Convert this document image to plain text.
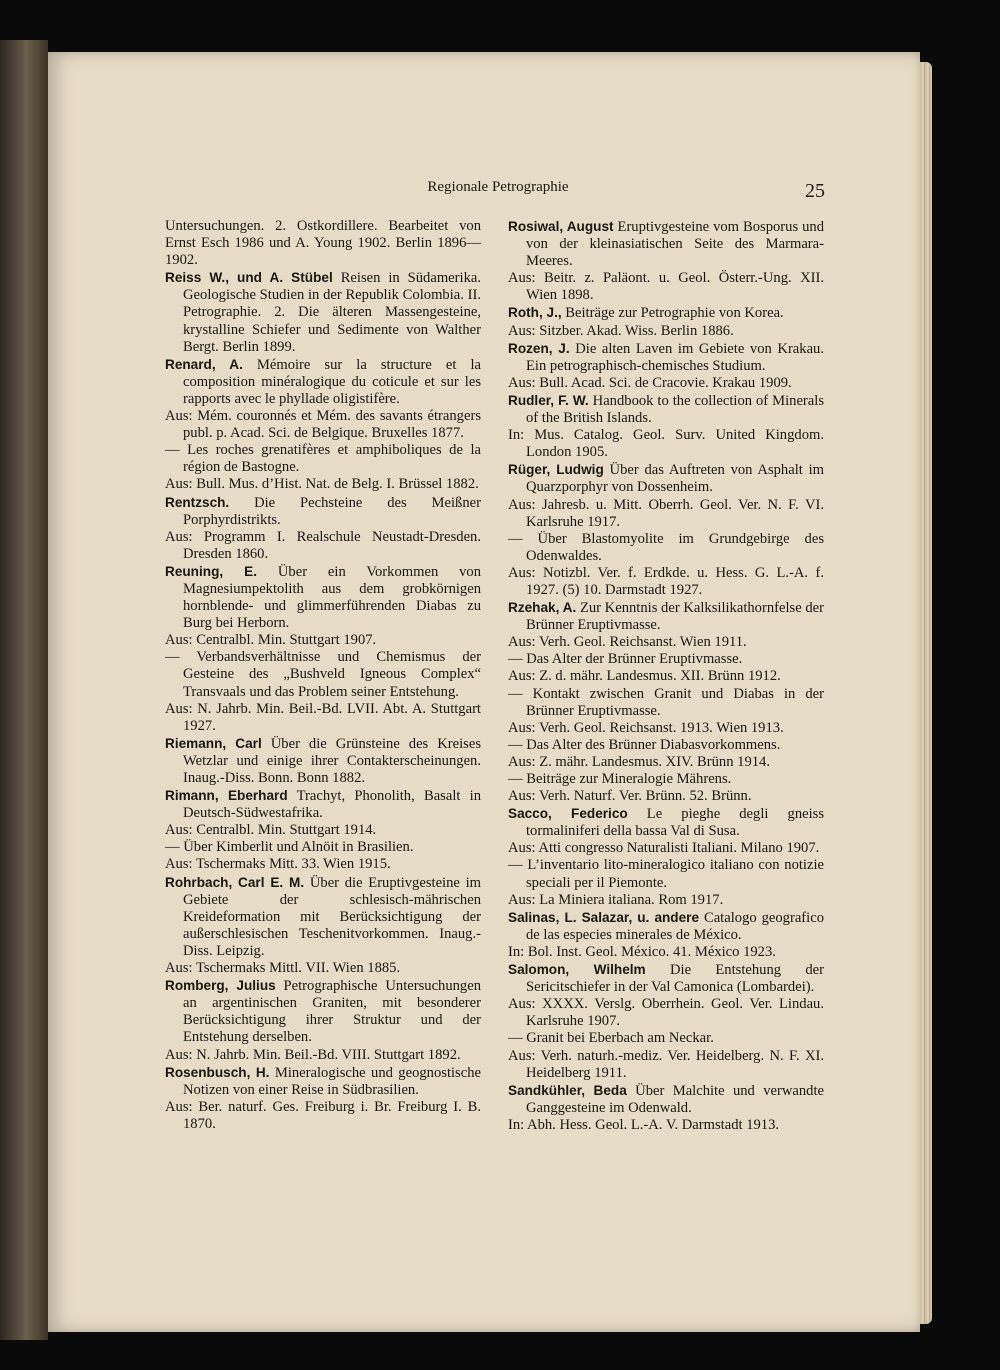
Regionale Petrographie	25

Untersuchungen. 2. Ostkordillere. Bearbeitet von Ernst Esch 1986 und A. Young 1902. Berlin 1896—1902.

Reiss W., und A. Stübel Reisen in Südamerika. Geologische Studien in der Republik Colombia. II. Petrographie. 2. Die älteren Massengesteine, krystalline Schiefer und Sedimente von Walther Bergt. Berlin 1899.

Renard, A. Mémoire sur la structure et la composition minéralogique du coticule et sur les rapports avec le phyllade oligistifère.
Aus: Mém. couronnés et Mém. des savants étrangers publ. p. Acad. Sci. de Belgique. Bruxelles 1877.

— Les roches grenatifères et amphiboliques de la région de Bastogne.
Aus: Bull. Mus. d’Hist. Nat. de Belg. I. Brüssel 1882.

Rentzsch. Die Pechsteine des Meißner Porphyrdistrikts.
Aus: Programm I. Realschule Neustadt-Dresden. Dresden 1860.

Reuning, E. Über ein Vorkommen von Magnesiumpektolith aus dem grobkörnigen hornblende- und glimmerführenden Diabas zu Burg bei Herborn.
Aus: Centralbl. Min. Stuttgart 1907.

— Verbandsverhältnisse und Chemismus der Gesteine des „Bushveld Igneous Complex“ Transvaals und das Problem seiner Entstehung.
Aus: N. Jahrb. Min. Beil.-Bd. LVII. Abt. A. Stuttgart 1927.

Riemann, Carl Über die Grünsteine des Kreises Wetzlar und einige ihrer Contakterscheinungen. Inaug.-Diss. Bonn. Bonn 1882.

Rimann, Eberhard Trachyt, Phonolith, Basalt in Deutsch-Südwestafrika.
Aus: Centralbl. Min. Stuttgart 1914.

— Über Kimberlit und Alnöit in Brasilien.
Aus: Tschermaks Mitt. 33. Wien 1915.

Rohrbach, Carl E. M. Über die Eruptivgesteine im Gebiete der schlesisch-mährischen Kreideformation mit Berücksichtigung der außerschlesischen Teschenitvorkommen. Inaug.-Diss. Leipzig.
Aus: Tschermaks Mittl. VII. Wien 1885.

Romberg, Julius Petrographische Untersuchungen an argentinischen Graniten, mit besonderer Berücksichtigung ihrer Struktur und der Entstehung derselben.
Aus: N. Jahrb. Min. Beil.-Bd. VIII. Stuttgart 1892.

Rosenbusch, H. Mineralogische und geognostische Notizen von einer Reise in Südbrasilien.
Aus: Ber. naturf. Ges. Freiburg i. Br. Freiburg I. B. 1870.

Rosiwal, August Eruptivgesteine vom Bosporus und von der kleinasiatischen Seite des Marmara-Meeres.
Aus: Beitr. z. Paläont. u. Geol. Österr.-Ung. XII. Wien 1898.

Roth, J., Beiträge zur Petrographie von Korea.
Aus: Sitzber. Akad. Wiss. Berlin 1886.

Rozen, J. Die alten Laven im Gebiete von Krakau. Ein petrographisch-chemisches Studium.
Aus: Bull. Acad. Sci. de Cracovie. Krakau 1909.

Rudler, F. W. Handbook to the collection of Minerals of the British Islands.
In: Mus. Catalog. Geol. Surv. United Kingdom. London 1905.

Rüger, Ludwig Über das Auftreten von Asphalt im Quarzporphyr von Dossenheim.
Aus: Jahresb. u. Mitt. Oberrh. Geol. Ver. N. F. VI. Karlsruhe 1917.

— Über Blastomyolite im Grundgebirge des Odenwaldes.
Aus: Notizbl. Ver. f. Erdkde. u. Hess. G. L.-A. f. 1927. (5) 10. Darmstadt 1927.

Rzehak, A. Zur Kenntnis der Kalksilikathornfelse der Brünner Eruptivmasse.
Aus: Verh. Geol. Reichsanst. Wien 1911.

— Das Alter der Brünner Eruptivmasse.
Aus: Z. d. mähr. Landesmus. XII. Brünn 1912.

— Kontakt zwischen Granit und Diabas in der Brünner Eruptivmasse.
Aus: Verh. Geol. Reichsanst. 1913. Wien 1913.

— Das Alter des Brünner Diabasvorkommens.
Aus: Z. mähr. Landesmus. XIV. Brünn 1914.

— Beiträge zur Mineralogie Mährens.
Aus: Verh. Naturf. Ver. Brünn. 52. Brünn.

Sacco, Federico Le pieghe degli gneiss tormaliniferi della bassa Val di Susa.
Aus: Atti congresso Naturalisti Italiani. Milano 1907.

— L’inventario lito-mineralogico italiano con notizie speciali per il Piemonte.
Aus: La Miniera italiana. Rom 1917.

Salinas, L. Salazar, u. andere Catalogo geografico de las especies minerales de México.
In: Bol. Inst. Geol. México. 41. México 1923.

Salomon, Wilhelm Die Entstehung der Sericitschiefer in der Val Camonica (Lombardei).
Aus: XXXX. Verslg. Oberrhein. Geol. Ver. Lindau. Karlsruhe 1907.

— Granit bei Eberbach am Neckar.
Aus: Verh. naturh.-mediz. Ver. Heidelberg. N. F. XI. Heidelberg 1911.

Sandkühler, Beda Über Malchite und verwandte Ganggesteine im Odenwald.
In: Abh. Hess. Geol. L.-A. V. Darmstadt 1913.
